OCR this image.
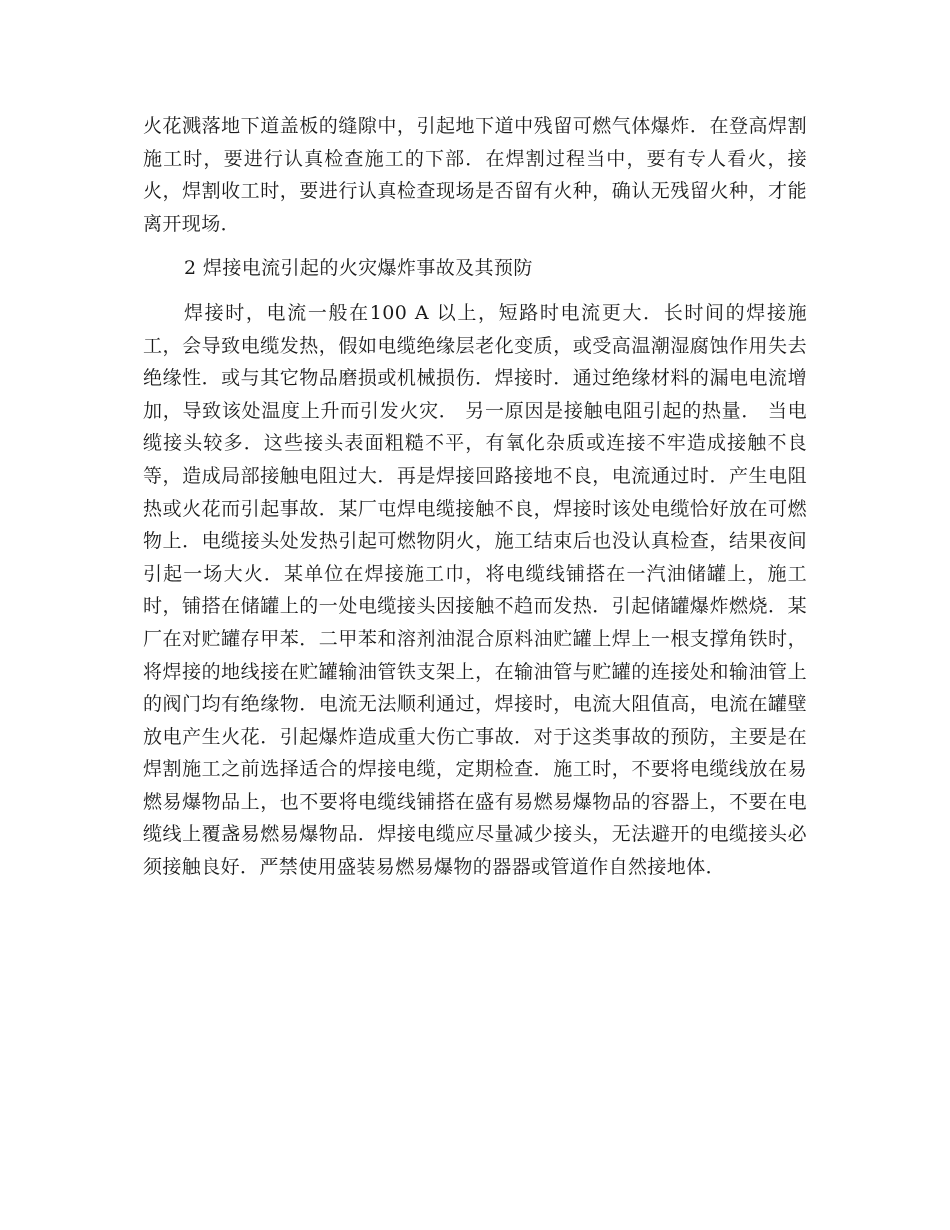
火花溅落地下道盖板的缝隙中，引起地下道中残留可燃气体爆炸．在登高焊割施工时，要进行认真检查施工的下部．在焊割过程当中，要有专人看火，接火，焊割收工时，要进行认真检查现场是否留有火种，确认无残留火种，才能离开现场．

2 焊接电流引起的火灾爆炸事故及其预防

焊接时，电流一般在100 A 以上，短路时电流更大．长时间的焊接施工，会导致电缆发热，假如电缆绝缘层老化变质，或受高温潮湿腐蚀作用失去绝缘性．或与其它物品磨损或机械损伤．焊接时．通过绝缘材料的漏电电流增加，导致该处温度上升而引发火灾． 另一原因是接触电阻引起的热量． 当电缆接头较多．这些接头表面粗糙不平，有氧化杂质或连接不牢造成接触不良等，造成局部接触电阻过大．再是焊接回路接地不良，电流通过时．产生电阻热或火花而引起事故．某厂屯焊电缆接触不良，焊接时该处电缆恰好放在可燃物上．电缆接头处发热引起可燃物阴火，施工结束后也没认真检查，结果夜间引起一场大火．某单位在焊接施工巾，将电缆线铺搭在一汽油储罐上，施工时，铺搭在储罐上的一处电缆接头因接触不趋而发热．引起储罐爆炸燃烧．某厂在对贮罐存甲苯．二甲苯和溶剂油混合原料油贮罐上焊上一根支撑角铁时，将焊接的地线接在贮罐输油管铁支架上，在输油管与贮罐的连接处和输油管上的阀门均有绝缘物．电流无法顺利通过，焊接时，电流大阻值高，电流在罐壁放电产生火花．引起爆炸造成重大伤亡事故．对于这类事故的预防，主要是在焊割施工之前选择适合的焊接电缆，定期检查．施工时，不要将电缆线放在易燃易爆物品上，也不要将电缆线铺搭在盛有易燃易爆物品的容器上，不要在电缆线上覆盏易燃易爆物品．焊接电缆应尽量减少接头，无法避开的电缆接头必须接触良好．严禁使用盛装易燃易爆物的器器或管道作自然接地体．
